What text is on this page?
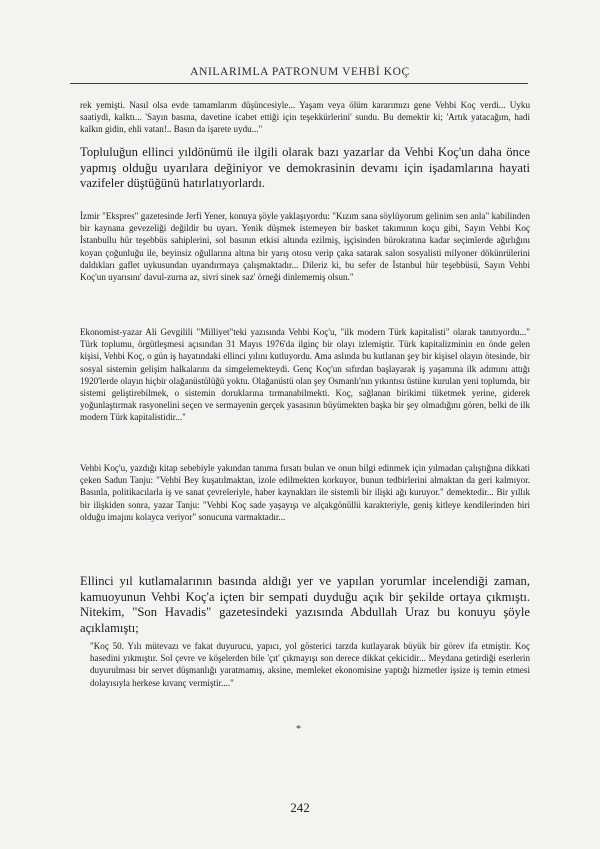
ANILARIMLA PATRONUM VEHBİ KOÇ

rek yemişti. Nasıl olsa evde tamamlarım düşüncesiyle... Yaşam veya ölüm kararımızı gene Vehbi Koç verdi... Uyku saatiydi, kalktı... 'Sayın basına, davetine icabet ettiği için teşekkürlerini' sundu. Bu demektir ki; 'Artık yatacağım, hadi kalkın gidin, ehli vatan!.. Basın da işarete uydu..."

Topluluğun ellinci yıldönümü ile ilgili olarak bazı yazarlar da Vehbi Koç'un daha önce yapmış olduğu uyarılara değiniyor ve demokrasinin devamı için işadamlarına hayati vazifeler düştüğünü hatırlatıyorlardı.

İzmir "Ekspres" gazetesinde Jerfi Yener, konuya şöyle yaklaşıyordu: "Kızım sana söylüyorum gelinim sen anla" kabilinden bir kaynana gevezeliği değildir bu uyarı. Yenik düşmek istemeyen bir basket takımının koçu gibi, Sayın Vehbi Koç İstanbullu hür teşebbüs sahiplerini, sol basının etkisi altında ezilmiş, işçisinden bürokratına kadar seçimlerde ağırlığını koyan çoğunluğu ile, beyinsiz oğullarına altına bir yarış otosu verip çaka satarak salon sosyalisti milyoner dökünrülerini daldıkları gaflet uykusundan uyandırmaya çalışmaktadır... Dileriz ki, bu sefer de İstanbul hür teşebbüsü, Sayın Vehbi Koç'un uyarısını' davul-zurna az, sivri sinek saz' örneği dinlememiş olsun."

Ekonomist-yazar Ali Gevgilili "Milliyet"teki yazısında Vehbi Koç'u, "ilk modern Türk kapitalisti" olarak tanıtıyordu..." Türk toplumu, örgütleşmesi açısından 31 Mayıs 1976'da ilginç bir olayı izlemiştir. Türk kapitalizminin en önde gelen kişisi, Vehbi Koç, o gün iş hayatındaki ellinci yılını kutluyordu. Ama aslında bu kutlanan şey bir kişisel olayın ötesinde, bir sosyal sistemin gelişim halkalarını da simgelemekteydi. Genç Koç'un sıfırdan başlayarak iş yaşamına ilk adımını attığı 1920'lerde olayın hiçbir olağanüstülüğü yoktu. Olağanüstü olan şey Osmanlı'nın yıkıntısı üstüne kurulan yeni toplumda, bir sistemi geliştirebilmek, o sistemin doruklarına tırmanabilmekti. Koç, sağlanan birikimi tüketmek yerine, giderek yoğunlaştırmak rasyonelini seçen ve sermayenin gerçek yasasının büyümekten başka bir şey olmadığını gören, belki de ilk modern Türk kapitalistidir..."

Vehbi Koç'u, yazdığı kitap sebebiyle yakından tanıma fırsatı bulan ve onun bilgi edinmek için yılmadan çalıştığına dikkati çeken Sadun Tanju: "Vehbi Bey kuşatılmaktan, izole edilmekten korkuyor, bunun tedbirlerini almaktan da geri kalmıyor. Basınla, politikacılarla iş ve sanat çevreleriyle, haber kaynakları ile sistemli bir ilişki ağı kuruyor." demektedir... Bir yıllık bir ilişkiden sonra, yazar Tanju: "Vehbi Koç sade yaşayışı ve alçakgönüllü karakteriyle, geniş kitleye kendilerinden biri olduğu imajını kolayca veriyor" sonucuna varmaktadır...

Ellinci yıl kutlamalarının basında aldığı yer ve yapılan yorumlar incelendiği zaman, kamuoyunun Vehbi Koç'a içten bir sempati duyduğu açık bir şekilde ortaya çıkmıştı. Nitekim, "Son Havadis" gazetesindeki yazısında Abdullah Uraz bu konuyu şöyle açıklamıştı;

"Koç 50. Yılı mütevazı ve fakat duyurucu, yapıcı, yol gösterici tarzda kutlayarak büyük bir görev ifa etmiştir. Koç hasedini yıkmıştır. Sol çevre ve köşelerden bile 'çıt' çıkmayışı son derece dikkat çekicidir... Meydana getirdiği eserlerin duyurulması bir servet düşmanlığı yaratmamış, aksine, memleket ekonomisine yaptığı hizmetler işsize iş temin etmesi dolayısıyla herkese kıvanç vermiştir...."

*
242
